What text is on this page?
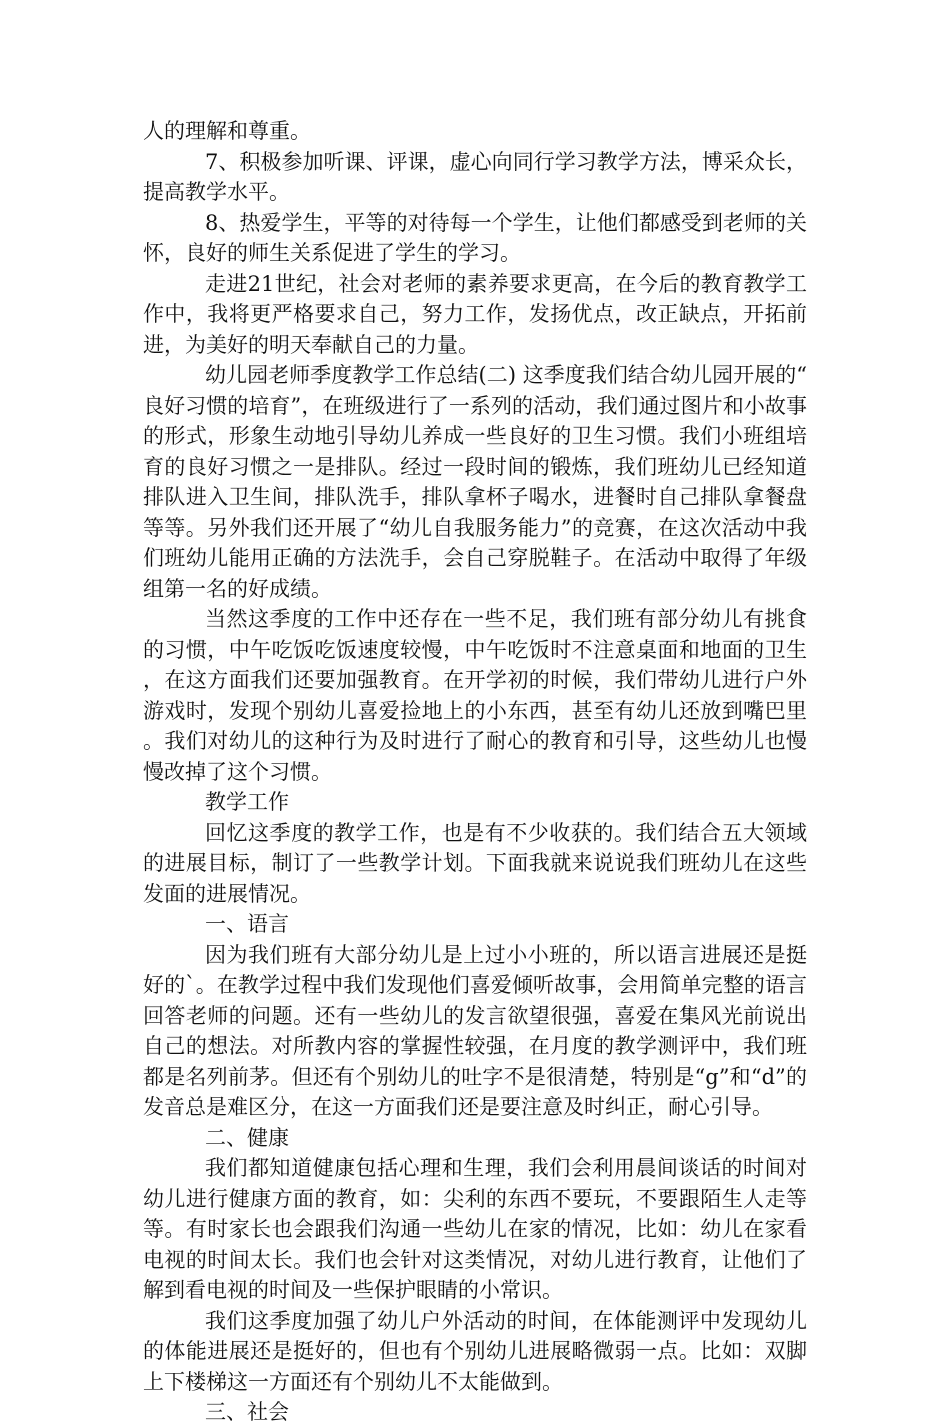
人的理解和尊重。

7、积极参加听课、评课，虚心向同行学习教学方法，博采众长，提高教学水平。

8、热爱学生，平等的对待每一个学生，让他们都感受到老师的关怀，良好的师生关系促进了学生的学习。

走进21世纪，社会对老师的素养要求更高，在今后的教育教学工作中，我将更严格要求自己，努力工作，发扬优点，改正缺点，开拓前进，为美好的明天奉献自己的力量。

幼儿园老师季度教学工作总结(二) 这季度我们结合幼儿园开展的“良好习惯的培育”，在班级进行了一系列的活动，我们通过图片和小故事的形式，形象生动地引导幼儿养成一些良好的卫生习惯。我们小班组培育的良好习惯之一是排队。经过一段时间的锻炼，我们班幼儿已经知道排队进入卫生间，排队洗手，排队拿杯子喝水，进餐时自己排队拿餐盘等等。另外我们还开展了“幼儿自我服务能力”的竞赛，在这次活动中我们班幼儿能用正确的方法洗手，会自己穿脱鞋子。在活动中取得了年级组第一名的好成绩。

当然这季度的工作中还存在一些不足，我们班有部分幼儿有挑食的习惯，中午吃饭吃饭速度较慢，中午吃饭时不注意桌面和地面的卫生，在这方面我们还要加强教育。在开学初的时候，我们带幼儿进行户外游戏时，发现个别幼儿喜爱捡地上的小东西，甚至有幼儿还放到嘴巴里。我们对幼儿的这种行为及时进行了耐心的教育和引导，这些幼儿也慢慢改掉了这个习惯。

教学工作

回忆这季度的教学工作，也是有不少收获的。我们结合五大领域的进展目标，制订了一些教学计划。下面我就来说说我们班幼儿在这些发面的进展情况。

一、语言

因为我们班有大部分幼儿是上过小小班的，所以语言进展还是挺好的`。在教学过程中我们发现他们喜爱倾听故事，会用简单完整的语言回答老师的问题。还有一些幼儿的发言欲望很强，喜爱在集风光前说出自己的想法。对所教内容的掌握性较强，在月度的教学测评中，我们班都是名列前茅。但还有个别幼儿的吐字不是很清楚，特别是“g”和“d”的发音总是难区分，在这一方面我们还是要注意及时纠正，耐心引导。

二、健康

我们都知道健康包括心理和生理，我们会利用晨间谈话的时间对幼儿进行健康方面的教育，如：尖利的东西不要玩，不要跟陌生人走等等。有时家长也会跟我们沟通一些幼儿在家的情况，比如：幼儿在家看电视的时间太长。我们也会针对这类情况，对幼儿进行教育，让他们了解到看电视的时间及一些保护眼睛的小常识。

我们这季度加强了幼儿户外活动的时间，在体能测评中发现幼儿的体能进展还是挺好的，但也有个别幼儿进展略微弱一点。比如：双脚上下楼梯这一方面还有个别幼儿不太能做到。

三、社会
